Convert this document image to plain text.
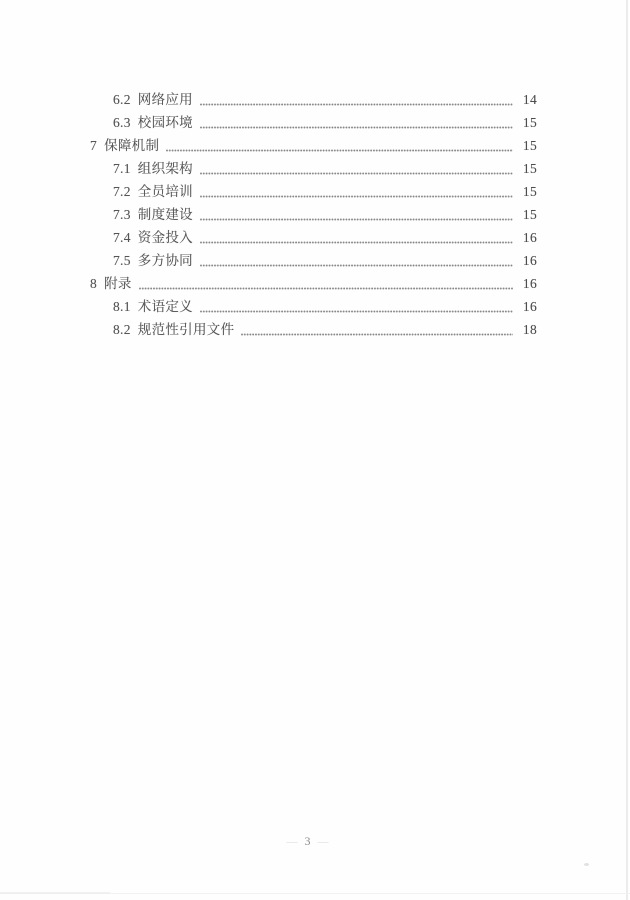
6.2 网络应用	14
6.3 校园环境	15
7 保障机制	15
7.1 组织架构	15
7.2 全员培训	15
7.3 制度建设	15
7.4 资金投入	16
7.5 多方协同	16
8 附录	16
8.1 术语定义	16
8.2 规范性引用文件	18
— 3 —
